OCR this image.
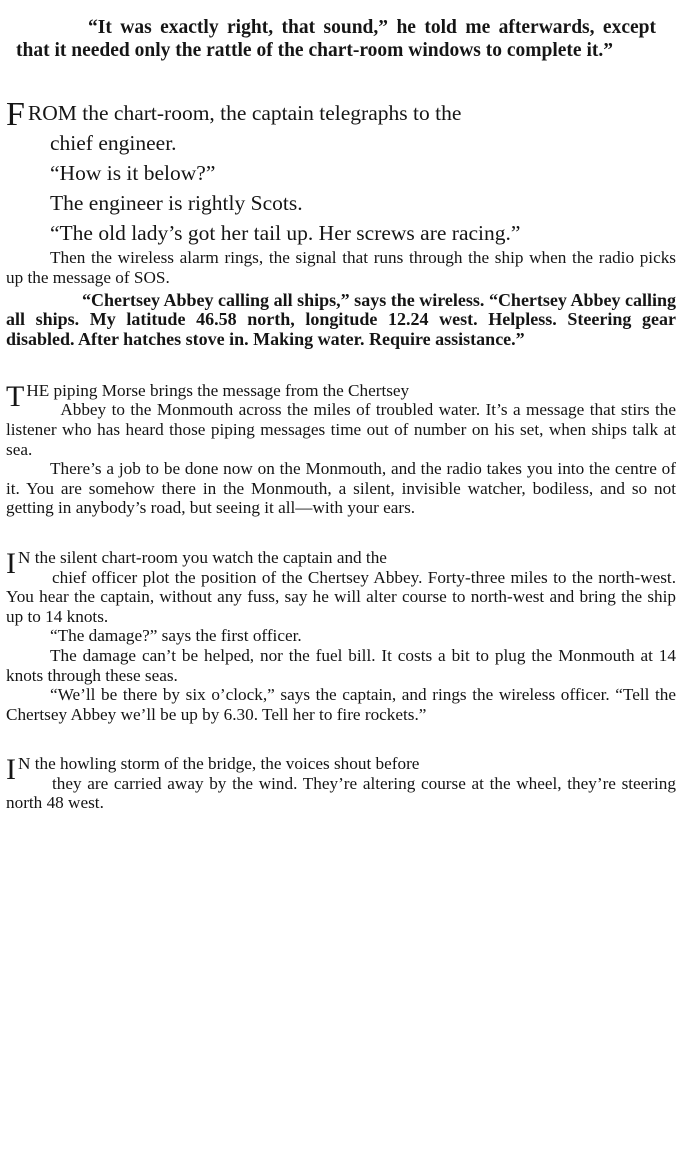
“It was exactly right, that sound,” he told me afterwards, except that it needed only the rattle of the chart-room windows to complete it.”

FROM the chart-room, the captain telegraphs to the

chief engineer.

“How is it below?”

The engineer is rightly Scots.

“The old lady’s got her tail up. Her screws are racing.”

Then the wireless alarm rings, the signal that runs through the ship when the radio picks up the message of SOS.

“Chertsey Abbey calling all ships,” says the wireless. “Chertsey Abbey calling all ships. My latitude 46.58 north, longitude 12.24 west. Helpless. Steering gear disabled. After hatches stove in. Making water. Require assistance.”

THE piping Morse brings the message from the Chertsey

Abbey to the Monmouth across the miles of troubled water. It’s a message that stirs the listener who has heard those piping messages time out of number on his set, when ships talk at sea.

There’s a job to be done now on the Monmouth, and the radio takes you into the centre of it. You are somehow there in the Monmouth, a silent, invisible watcher, bodiless, and so not getting in anybody’s road, but seeing it all—with your ears.

I N the silent chart-room you watch the captain and the

chief officer plot the position of the Chertsey Abbey. Forty-three miles to the north-west. You hear the captain, without any fuss, say he will alter course to north-west and bring the ship up to 14 knots.

“The damage?” says the first officer.

The damage can’t be helped, nor the fuel bill. It costs a bit to plug the Monmouth at 14 knots through these seas.

“We’ll be there by six o’clock,” says the captain, and rings the wireless officer. “Tell the Chertsey Abbey we’ll be up by 6.30. Tell her to fire rockets.”

I N the howling storm of the bridge, the voices shout before

they are carried away by the wind. They’re altering course at the wheel, they’re steering north 48 west.
